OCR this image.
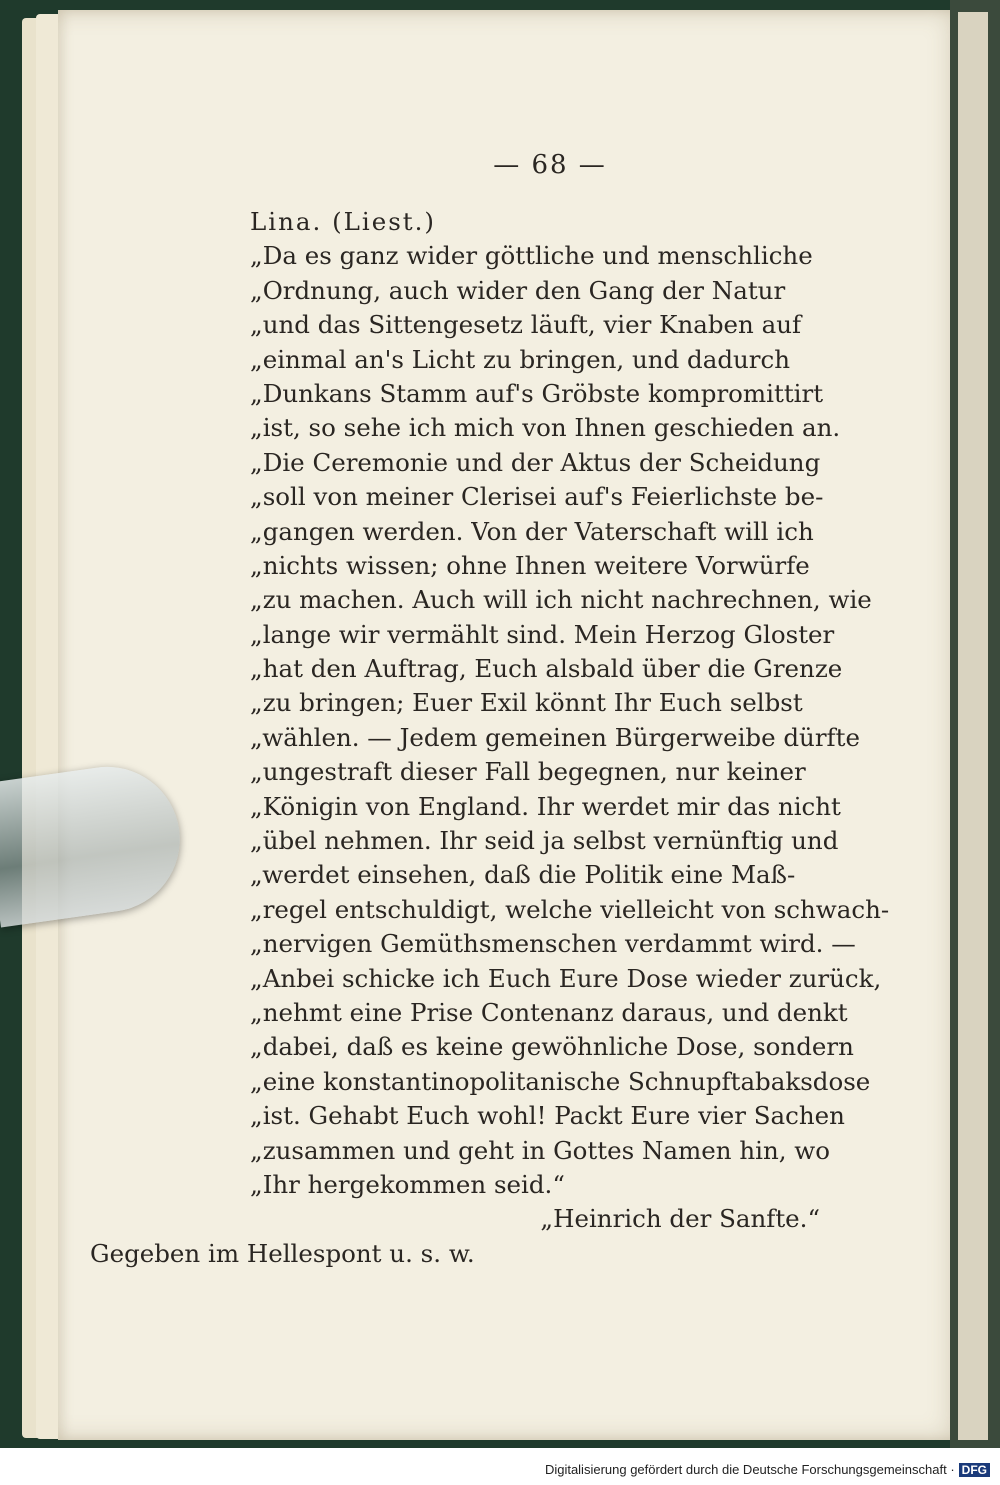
— 68 —
Lina. (Liest.)
„Da es ganz wider göttliche und menschliche
„Ordnung, auch wider den Gang der Natur
„und das Sittengesetz läuft, vier Knaben auf
„einmal an's Licht zu bringen, und dadurch
„Dunkans Stamm auf's Gröbste kompromittirt
„ist, so sehe ich mich von Ihnen geschieden an.
„Die Ceremonie und der Aktus der Scheidung
„soll von meiner Clerisei auf's Feierlichste be-
„gangen werden. Von der Vaterschaft will ich
„nichts wissen; ohne Ihnen weitere Vorwürfe
„zu machen. Auch will ich nicht nachrechnen, wie
„lange wir vermählt sind. Mein Herzog Gloster
„hat den Auftrag, Euch alsbald über die Grenze
„zu bringen; Euer Exil könnt Ihr Euch selbst
„wählen. — Jedem gemeinen Bürgerweibe dürfte
„ungestraft dieser Fall begegnen, nur keiner
„Königin von England. Ihr werdet mir das nicht
„übel nehmen. Ihr seid ja selbst vernünftig und
„werdet einsehen, daß die Politik eine Maß-
„regel entschuldigt, welche vielleicht von schwach-
„nervigen Gemüthsmenschen verdammt wird. —
„Anbei schicke ich Euch Eure Dose wieder zurück,
„nehmt eine Prise Contenanz daraus, und denkt
„dabei, daß es keine gewöhnliche Dose, sondern
„eine konstantinopolitanische Schnupftabaksdose
„ist. Gehabt Euch wohl! Packt Eure vier Sachen
„zusammen und geht in Gottes Namen hin, wo
„Ihr hergekommen seid.“
„Heinrich der Sanfte.“
Gegeben im Hellespont u. s. w.
Digitalisierung gefördert durch die Deutsche Forschungsgemeinschaft · DFG
